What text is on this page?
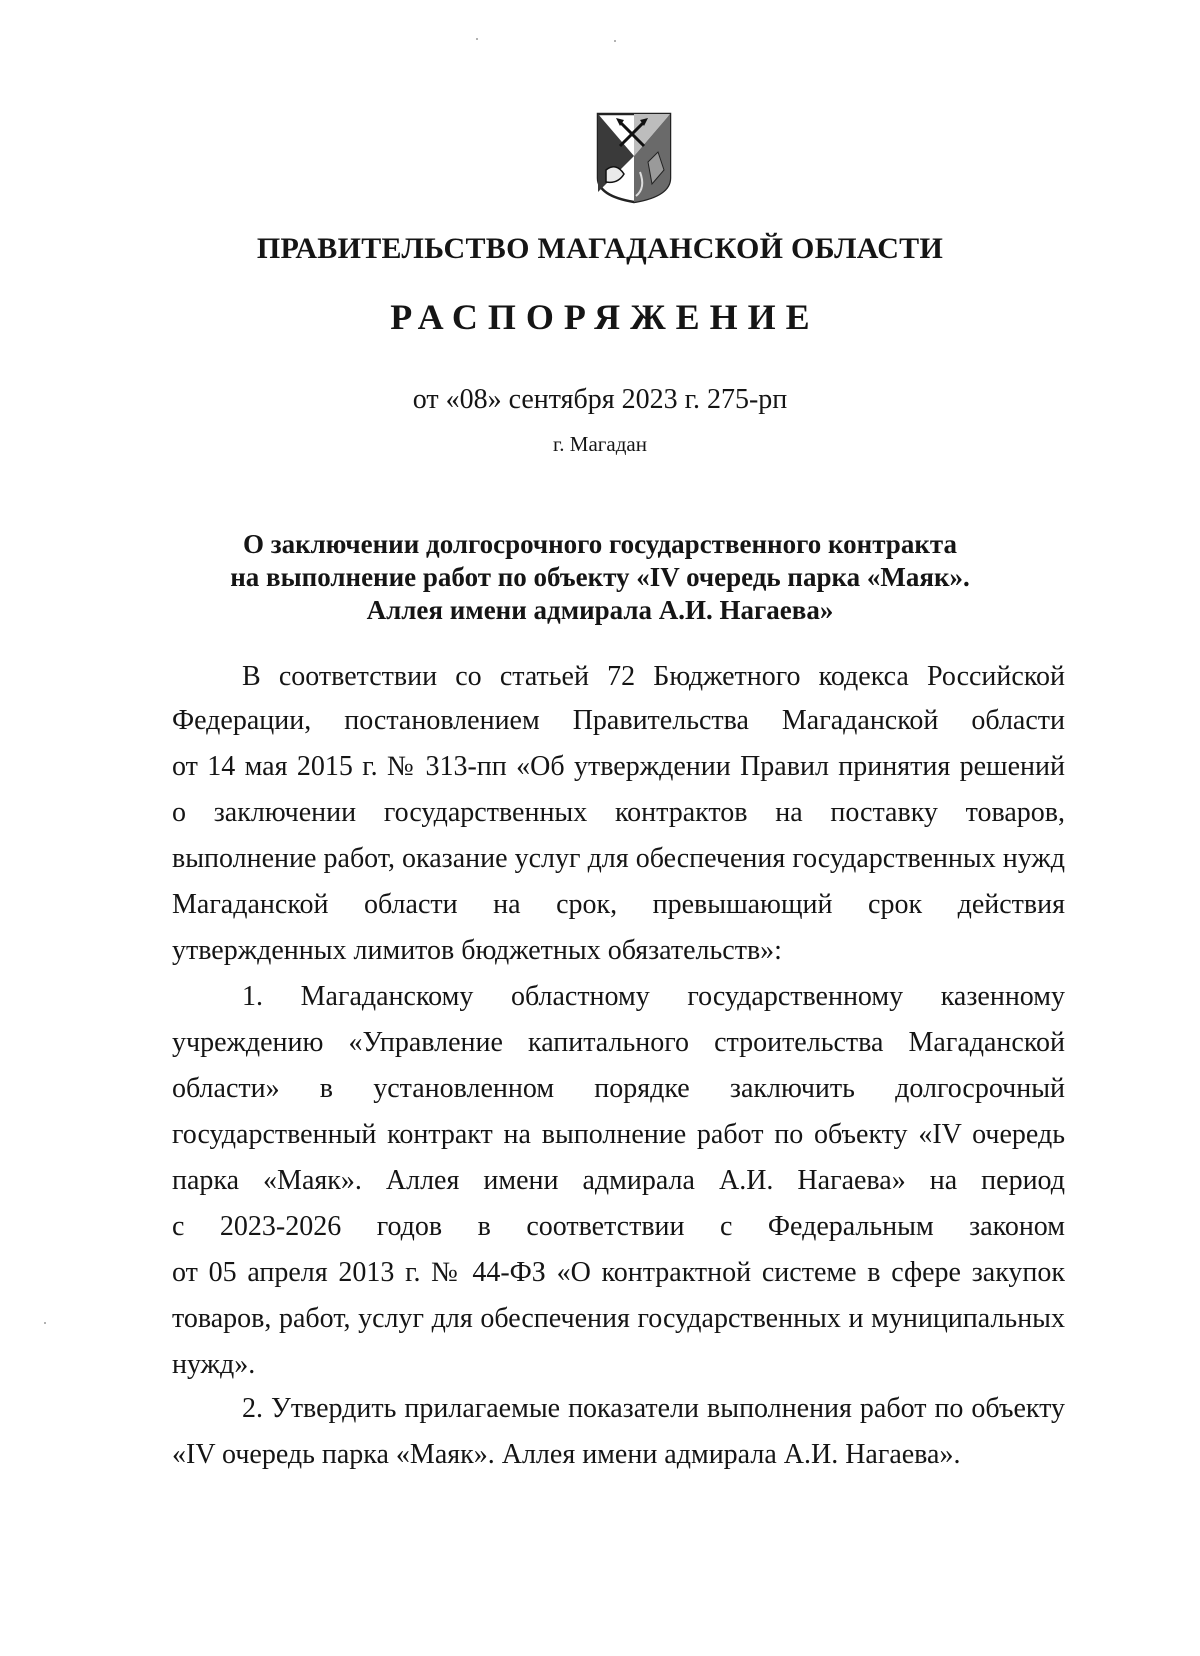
ПРАВИТЕЛЬСТВО МАГАДАНСКОЙ ОБЛАСТИ
РАСПОРЯЖЕНИЕ
от «08» сентября 2023 г. 275-рп
г. Магадан
О заключении долгосрочного государственного контракта
на выполнение работ по объекту «IV очередь парка «Маяк».
Аллея имени адмирала А.И. Нагаева»
В соответствии со статьей 72 Бюджетного кодекса Российской
Федерации, постановлением Правительства Магаданской области
от 14 мая 2015 г. № 313-пп «Об утверждении Правил принятия решений
о заключении государственных контрактов на поставку товаров,
выполнение работ, оказание услуг для обеспечения государственных нужд
Магаданской области на срок, превышающий срок действия
утвержденных лимитов бюджетных обязательств»:
1. Магаданскому областному государственному казенному
учреждению «Управление капитального строительства Магаданской
области» в установленном порядке заключить долгосрочный
государственный контракт на выполнение работ по объекту «IV очередь
парка «Маяк». Аллея имени адмирала А.И. Нагаева» на период
с 2023-2026 годов в соответствии с Федеральным законом
от 05 апреля 2013 г. № 44-ФЗ «О контрактной системе в сфере закупок
товаров, работ, услуг для обеспечения государственных и муниципальных
нужд».
2. Утвердить прилагаемые показатели выполнения работ по объекту
«IV очередь парка «Маяк». Аллея имени адмирала А.И. Нагаева».
